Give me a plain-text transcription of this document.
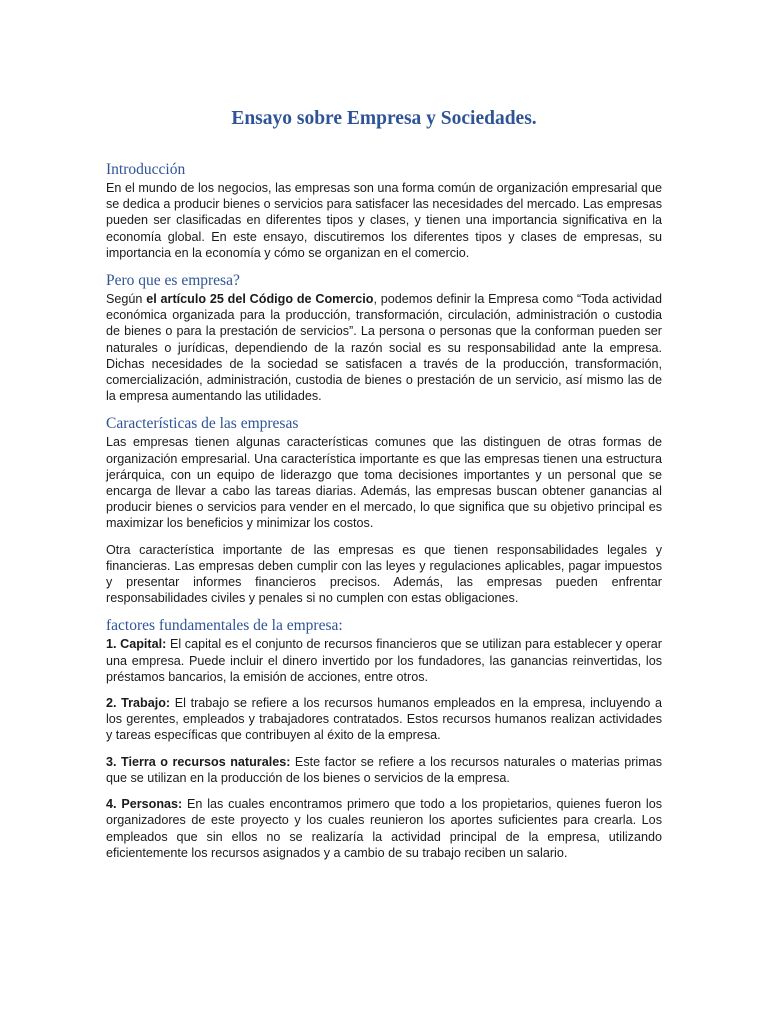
Ensayo sobre Empresa y Sociedades.
Introducción

En el mundo de los negocios, las empresas son una forma común de organización empresarial que se dedica a producir bienes o servicios para satisfacer las necesidades del mercado. Las empresas pueden ser clasificadas en diferentes tipos y clases, y tienen una importancia significativa en la economía global. En este ensayo, discutiremos los diferentes tipos y clases de empresas, su importancia en la economía y cómo se organizan en el comercio.

Pero que es empresa?

Según el artículo 25 del Código de Comercio, podemos definir la Empresa como “Toda actividad económica organizada para la producción, transformación, circulación, administración o custodia de bienes o para la prestación de servicios”. La persona o personas que la conforman pueden ser naturales o jurídicas, dependiendo de la razón social es su responsabilidad ante la empresa. Dichas necesidades de la sociedad se satisfacen a través de la producción, transformación, comercialización, administración, custodia de bienes o prestación de un servicio, así mismo las de la empresa aumentando las utilidades.

Características de las empresas

Las empresas tienen algunas características comunes que las distinguen de otras formas de organización empresarial. Una característica importante es que las empresas tienen una estructura jerárquica, con un equipo de liderazgo que toma decisiones importantes y un personal que se encarga de llevar a cabo las tareas diarias. Además, las empresas buscan obtener ganancias al producir bienes o servicios para vender en el mercado, lo que significa que su objetivo principal es maximizar los beneficios y minimizar los costos.

Otra característica importante de las empresas es que tienen responsabilidades legales y financieras. Las empresas deben cumplir con las leyes y regulaciones aplicables, pagar impuestos y presentar informes financieros precisos. Además, las empresas pueden enfrentar responsabilidades civiles y penales si no cumplen con estas obligaciones.

factores fundamentales de la empresa:

1. Capital: El capital es el conjunto de recursos financieros que se utilizan para establecer y operar una empresa. Puede incluir el dinero invertido por los fundadores, las ganancias reinvertidas, los préstamos bancarios, la emisión de acciones, entre otros.

2. Trabajo: El trabajo se refiere a los recursos humanos empleados en la empresa, incluyendo a los gerentes, empleados y trabajadores contratados. Estos recursos humanos realizan actividades y tareas específicas que contribuyen al éxito de la empresa.

3. Tierra o recursos naturales: Este factor se refiere a los recursos naturales o materias primas que se utilizan en la producción de los bienes o servicios de la empresa.

4. Personas: En las cuales encontramos primero que todo a los propietarios, quienes fueron los organizadores de este proyecto y los cuales reunieron los aportes suficientes para crearla. Los empleados que sin ellos no se realizaría la actividad principal de la empresa, utilizando eficientemente los recursos asignados y a cambio de su trabajo reciben un salario.
